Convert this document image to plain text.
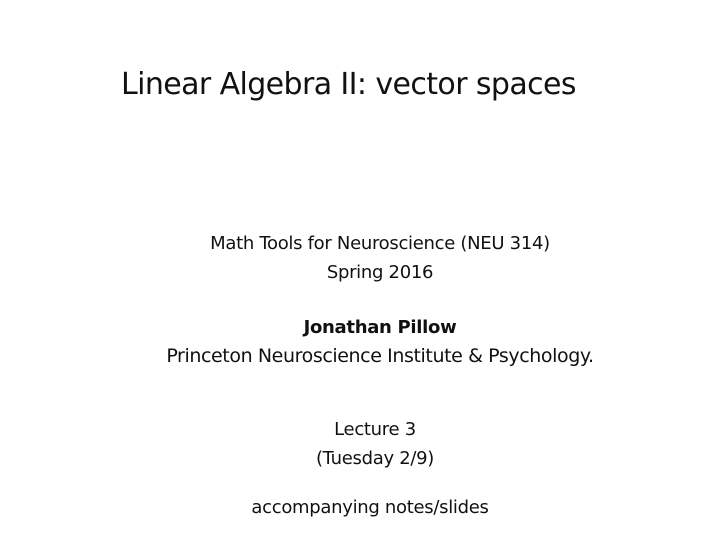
Linear Algebra II: vector spaces
Math Tools for Neuroscience (NEU 314)
Spring 2016
Jonathan Pillow
Princeton Neuroscience Institute & Psychology.
Lecture 3
(Tuesday 2/9)
accompanying notes/slides
